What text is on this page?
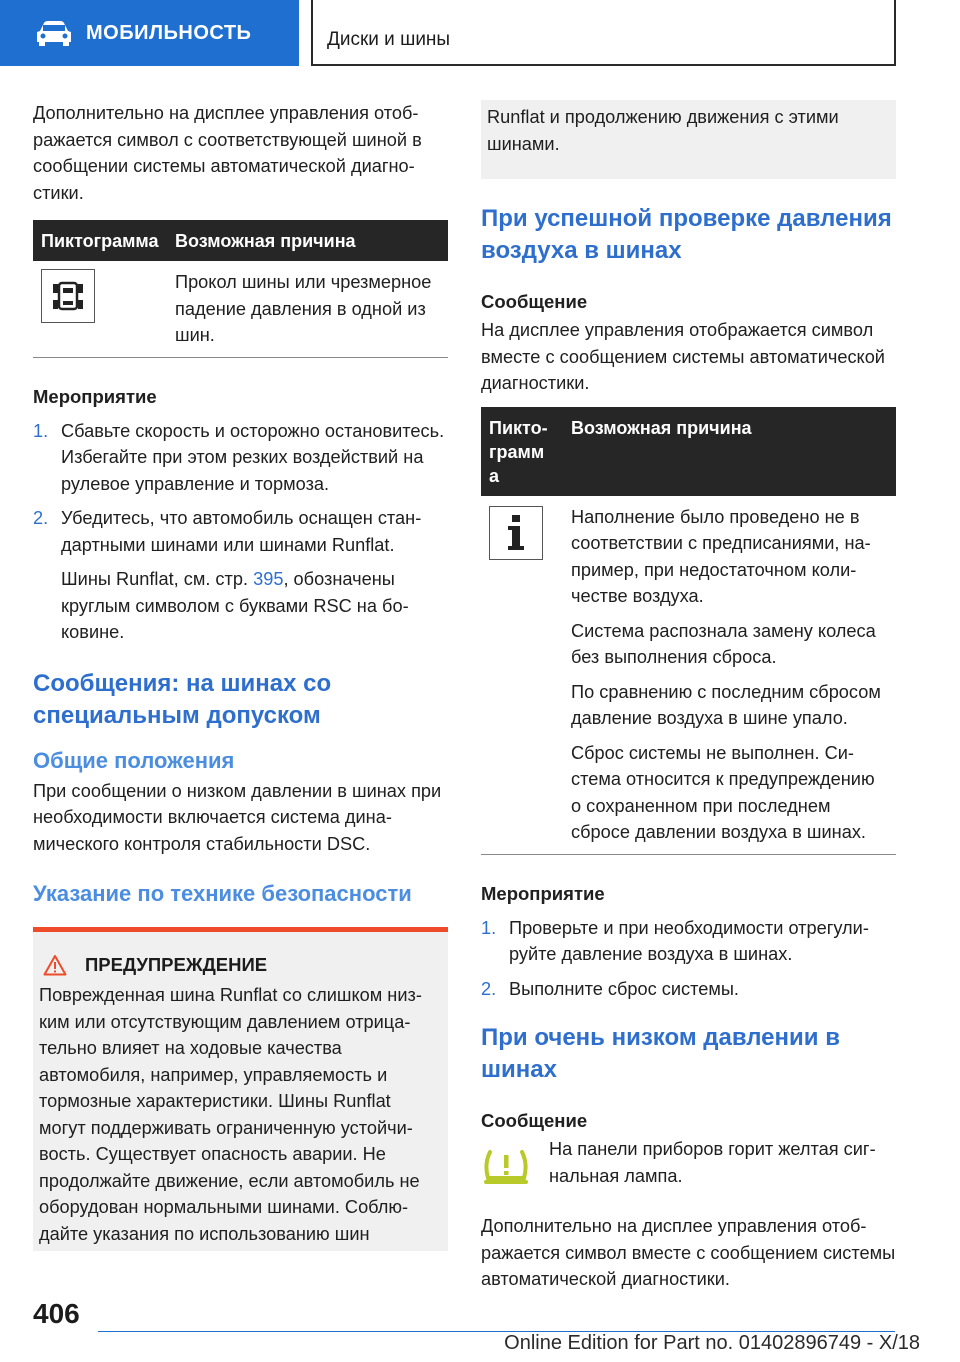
МОБИЛЬНОСТЬ	Диски и шины

Дополнительно на дисплее управления отображается символ с соответствующей шиной в сообщении системы автоматической диагностики.

Пиктограмма	Возможная причина

	Прокол шины или чрезмерное падение давления в одной из шин.
Мероприятие
1. Сбавьте скорость и осторожно остановитесь. Избегайте при этом резких воздействий на рулевое управление и тормоза.
2. Убедитесь, что автомобиль оснащен стандартными шинами или шинами Runflat.

Шины Runflat, см. стр. 395, обозначены круглым символом с буквами RSC на боковине.

Сообщения: на шинах со специальным допуском
Общие положения

При сообщении о низком давлении в шинах при необходимости включается система динамического контроля стабильности DSC.

Указание по технике безопасности
ПРЕДУПРЕЖДЕНИЕ

Поврежденная шина Runflat со слишком низким или отсутствующим давлением отрицательно влияет на ходовые качества автомобиля, например, управляемость и тормозные характеристики. Шины Runflat могут поддерживать ограниченную устойчивость. Существует опасность аварии. Не продолжайте движение, если автомобиль не оборудован нормальными шинами. Соблюдайте указания по использованию шин

Runflat и продолжению движения с этими шинами.

При успешной проверке давления воздуха в шинах
Сообщение

На дисплее управления отображается символ вместе с сообщением системы автоматической диагностики.

Пиктограмм а	Возможная причина

Наполнение было проведено не в соответствии с предписаниями, например, при недостаточном количестве воздуха.

Система распознала замену колеса без выполнения сброса.

По сравнению с последним сбросом давление воздуха в шине упало.

Сброс системы не выполнен. Система относится к предупреждению о сохраненном при последнем сбросе давлении воздуха в шинах.

Мероприятие
1. Проверьте и при необходимости отрегулируйте давление воздуха в шинах.
2. Выполните сброс системы.
При очень низком давлении в шинах
Сообщение

На панели приборов горит желтая сигнальная лампа.

Дополнительно на дисплее управления отображается символ вместе с сообщением системы автоматической диагностики.

406
Online Edition for Part no. 01402896749 - X/18
